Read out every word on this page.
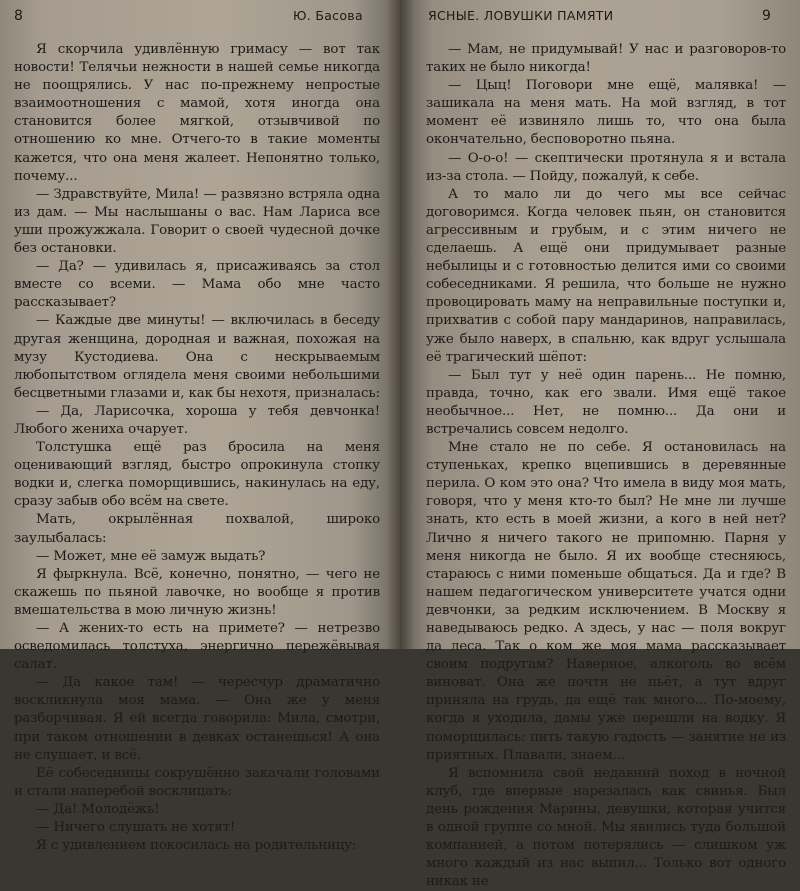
8	Ю. Басова

Я скорчила удивлённую гримасу — вот так новости! Телячьи нежности в нашей семье никогда не поощрялись. У нас по-прежнему непростые взаимоотношения с мамой, хотя иногда она становится более мягкой, отзывчивой по отношению ко мне. Отчего-то в такие моменты кажется, что она меня жалеет. Непонятно только, почему...

— Здравствуйте, Мила! — развязно встряла одна из дам. — Мы наслышаны о вас. Нам Лариса все уши прожужжала. Говорит о своей чудесной дочке без остановки.

— Да? — удивилась я, присаживаясь за стол вместе со всеми. — Мама обо мне часто рассказывает?

— Каждые две минуты! — включилась в беседу другая женщина, дородная и важная, похожая на музу Кустодиева. Она с нескрываемым любопытством оглядела меня своими небольшими бесцветными глазами и, как бы нехотя, призналась:

— Да, Ларисочка, хороша у тебя девчонка! Любого жениха очарует.

Толстушка ещё раз бросила на меня оценивающий взгляд, быстро опрокинула стопку водки и, слегка поморщившись, накинулась на еду, сразу забыв обо всём на свете.

Мать, окрылённая похвалой, широко заулыбалась:

— Может, мне её замуж выдать?

Я фыркнула. Всё, конечно, понятно, — чего не скажешь по пьяной лавочке, но вообще я против вмешательства в мою личную жизнь!

— А жених-то есть на примете? — нетрезво осведомилась толстуха, энергично пережёвывая салат.

— Да какое там! — чересчур драматично воскликнула моя мама. — Она же у меня разборчивая. Я ей всегда говорила: Мила, смотри, при таком отношении в девках останешься! А она не слушает, и всё.

Её собеседницы сокрушённо закачали головами и стали наперебой восклицать:

— Да! Молодёжь!

— Ничего слушать не хотят!

Я с удивлением покосилась на родительницу:

ЯСНЫЕ. ЛОВУШКИ ПАМЯТИ	9

— Мам, не придумывай! У нас и разговоров-то таких не было никогда!

— Цыц! Поговори мне ещё, малявка! — зашикала на меня мать. На мой взгляд, в тот момент её извиняло лишь то, что она была окончательно, бесповоротно пьяна.

— О-о-о! — скептически протянула я и встала из-за стола. — Пойду, пожалуй, к себе.

А то мало ли до чего мы все сейчас договоримся. Когда человек пьян, он становится агрессивным и грубым, и с этим ничего не сделаешь. А ещё они придумывает разные небылицы и с готовностью делится ими со своими собеседниками. Я решила, что больше не нужно провоцировать маму на неправильные поступки и, прихватив с собой пару мандаринов, направилась, уже было наверх, в спальню, как вдруг услышала её трагический шёпот:

— Был тут у неё один парень... Не помню, правда, точно, как его звали. Имя ещё такое необычное... Нет, не помню... Да они и встречались совсем недолго.

Мне стало не по себе. Я остановилась на ступеньках, крепко вцепившись в деревянные перила. О ком это она? Что имела в виду моя мать, говоря, что у меня кто-то был? Не мне ли лучше знать, кто есть в моей жизни, а кого в ней нет? Лично я ничего такого не припомню. Парня у меня никогда не было. Я их вообще стесняюсь, стараюсь с ними поменьше общаться. Да и где? В нашем педагогическом университете учатся одни девчонки, за редким исключением. В Москву я наведываюсь редко. А здесь, у нас — поля вокруг да леса. Так о ком же моя мама рассказывает своим подругам? Наверное, алкоголь во всём виноват. Она же почти не пьёт, а тут вдруг приняла на грудь, да ещё так много... По-моему, когда я уходила, дамы уже перешли на водку. Я поморщилась: пить такую гадость — занятие не из приятных. Плавали, знаем...

Я вспомнила свой недавний поход в ночной клуб, где впервые нарезалась как свинья. Был день рождения Марины, девушки, которая учится в одной группе со мной. Мы явились туда большой компанией, а потом потерялись — слишком уж много каждый из нас выпил... Только вот одного никак не
